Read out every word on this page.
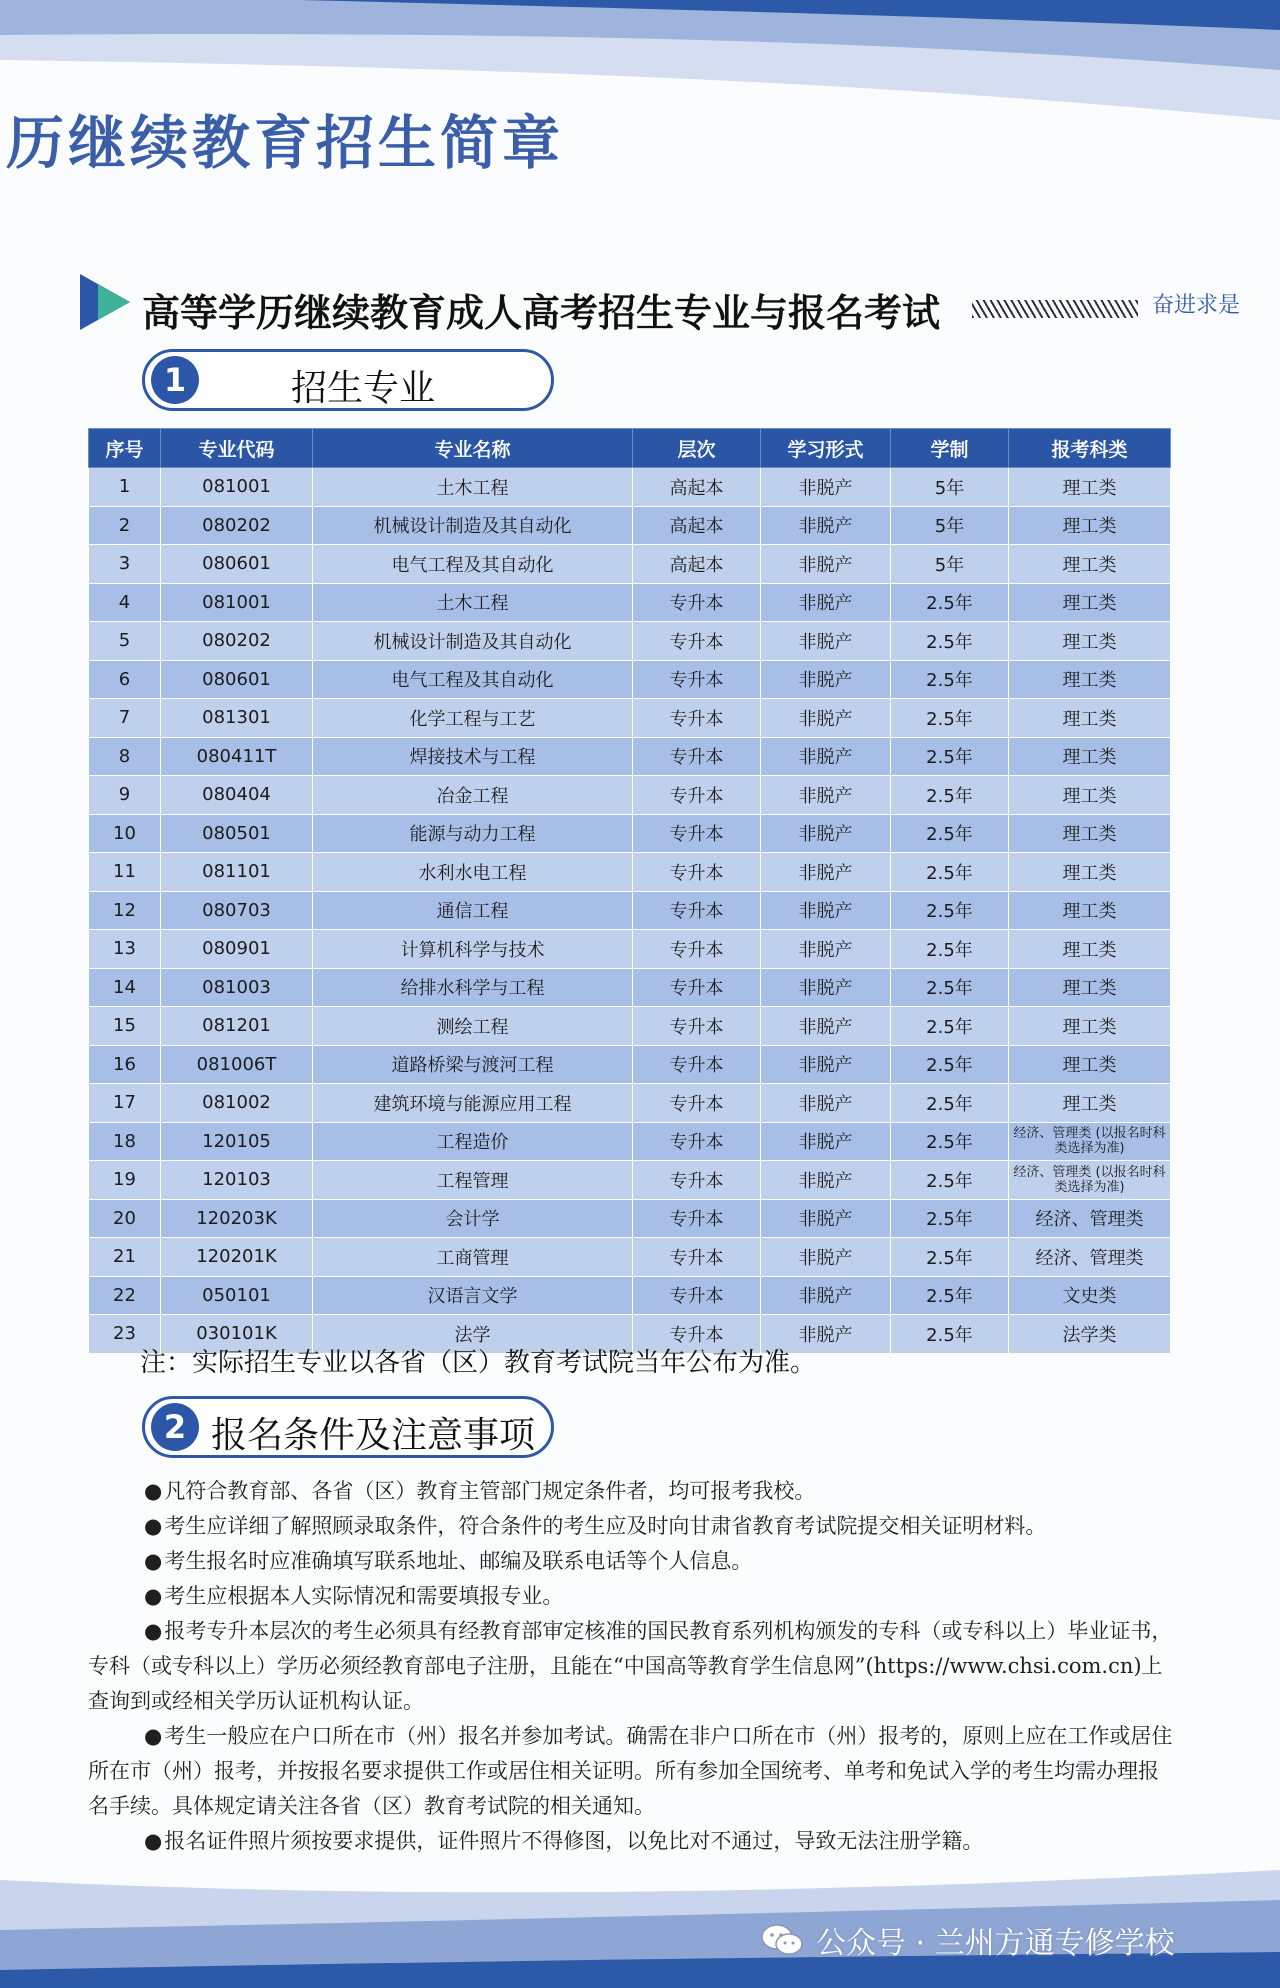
历继续教育招生简章
高等学历继续教育成人高考招生专业与报名考试	奋进求是
1	招生专业
序号	专业代码	专业名称	层次	学习形式	学制	报考科类
1	081001	土木工程	高起本	非脱产	5年	理工类
2	080202	机械设计制造及其自动化	高起本	非脱产	5年	理工类
3	080601	电气工程及其自动化	高起本	非脱产	5年	理工类
4	081001	土木工程	专升本	非脱产	2.5年	理工类
5	080202	机械设计制造及其自动化	专升本	非脱产	2.5年	理工类
6	080601	电气工程及其自动化	专升本	非脱产	2.5年	理工类
7	081301	化学工程与工艺	专升本	非脱产	2.5年	理工类
8	080411T	焊接技术与工程	专升本	非脱产	2.5年	理工类
9	080404	冶金工程	专升本	非脱产	2.5年	理工类
10	080501	能源与动力工程	专升本	非脱产	2.5年	理工类
11	081101	水利水电工程	专升本	非脱产	2.5年	理工类
12	080703	通信工程	专升本	非脱产	2.5年	理工类
13	080901	计算机科学与技术	专升本	非脱产	2.5年	理工类
14	081003	给排水科学与工程	专升本	非脱产	2.5年	理工类
15	081201	测绘工程	专升本	非脱产	2.5年	理工类
16	081006T	道路桥梁与渡河工程	专升本	非脱产	2.5年	理工类
17	081002	建筑环境与能源应用工程	专升本	非脱产	2.5年	理工类
18	120105	工程造价	专升本	非脱产	2.5年	经济、管理类 (以报名时科类选择为准)
19	120103	工程管理	专升本	非脱产	2.5年	经济、管理类 (以报名时科类选择为准)
20	120203K	会计学	专升本	非脱产	2.5年	经济、管理类
21	120201K	工商管理	专升本	非脱产	2.5年	经济、管理类
22	050101	汉语言文学	专升本	非脱产	2.5年	文史类
23	030101K	法学	专升本	非脱产	2.5年	法学类
注：实际招生专业以各省（区）教育考试院当年公布为准。
2 报名条件及注意事项
● 凡符合教育部、各省（区）教育主管部门规定条件者，均可报考我校。
● 考生应详细了解照顾录取条件，符合条件的考生应及时向甘肃省教育考试院提交相关证明材料。
● 考生报名时应准确填写联系地址、邮编及联系电话等个人信息。
● 考生应根据本人实际情况和需要填报专业。
● 报考专升本层次的考生必须具有经教育部审定核准的国民教育系列机构颁发的专科（或专科以上）毕业证书，专科（或专科以上）学历必须经教育部电子注册，且能在“中国高等教育学生信息网”(https://www.chsi.com.cn)上查询到或经相关学历认证机构认证。
● 考生一般应在户口所在市（州）报名并参加考试。确需在非户口所在市（州）报考的，原则上应在工作或居住所在市（州）报考，并按报名要求提供工作或居住相关证明。所有参加全国统考、单考和免试入学的考生均需办理报名手续。具体规定请关注各省（区）教育考试院的相关通知。
● 报名证件照片须按要求提供，证件照片不得修图，以免比对不通过，导致无法注册学籍。
公众号 · 兰州方通专修学校
